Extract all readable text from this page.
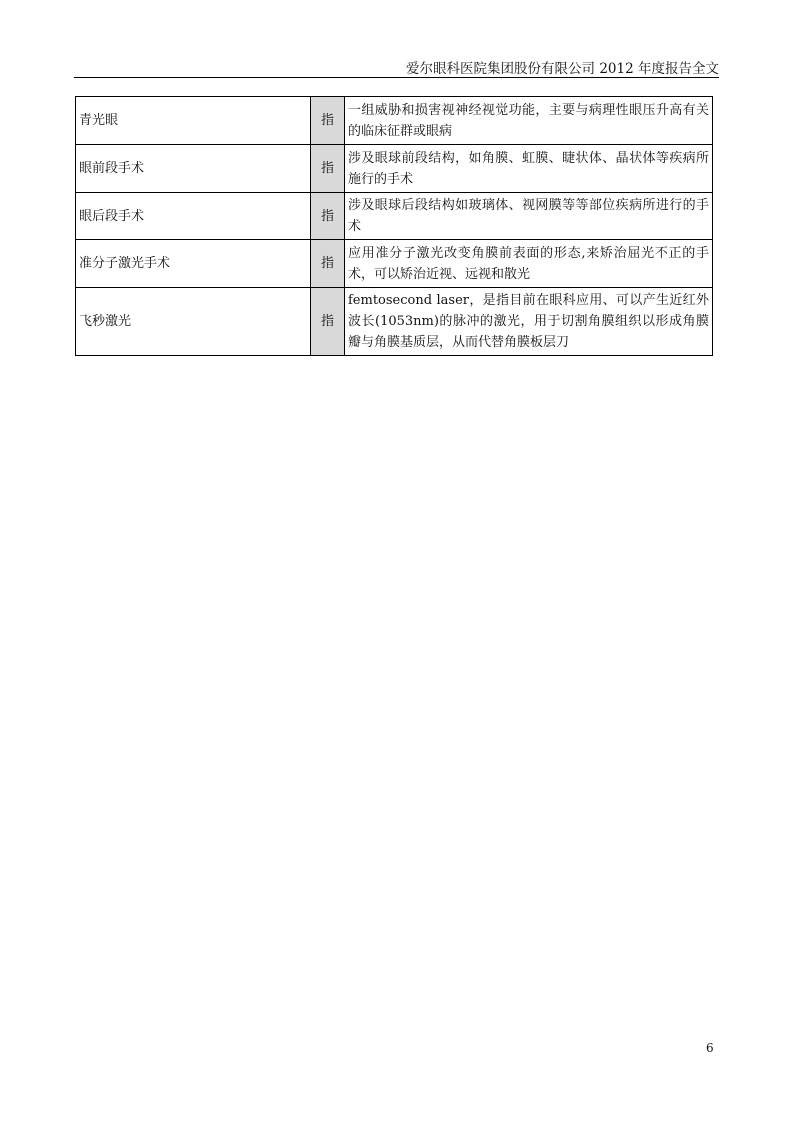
爱尔眼科医院集团股份有限公司 2012 年度报告全文
青光眼	指	一组威胁和损害视神经视觉功能，主要与病理性眼压升高有关的临床征群或眼病
眼前段手术	指	涉及眼球前段结构，如角膜、虹膜、睫状体、晶状体等疾病所施行的手术
眼后段手术	指	涉及眼球后段结构如玻璃体、视网膜等等部位疾病所进行的手术
准分子激光手术	指	应用准分子激光改变角膜前表面的形态,来矫治屈光不正的手术，可以矫治近视、远视和散光
飞秒激光	指	femtosecond laser，是指目前在眼科应用、可以产生近红外波长(1053nm)的脉冲的激光，用于切割角膜组织以形成角膜瓣与角膜基质层，从而代替角膜板层刀
6
